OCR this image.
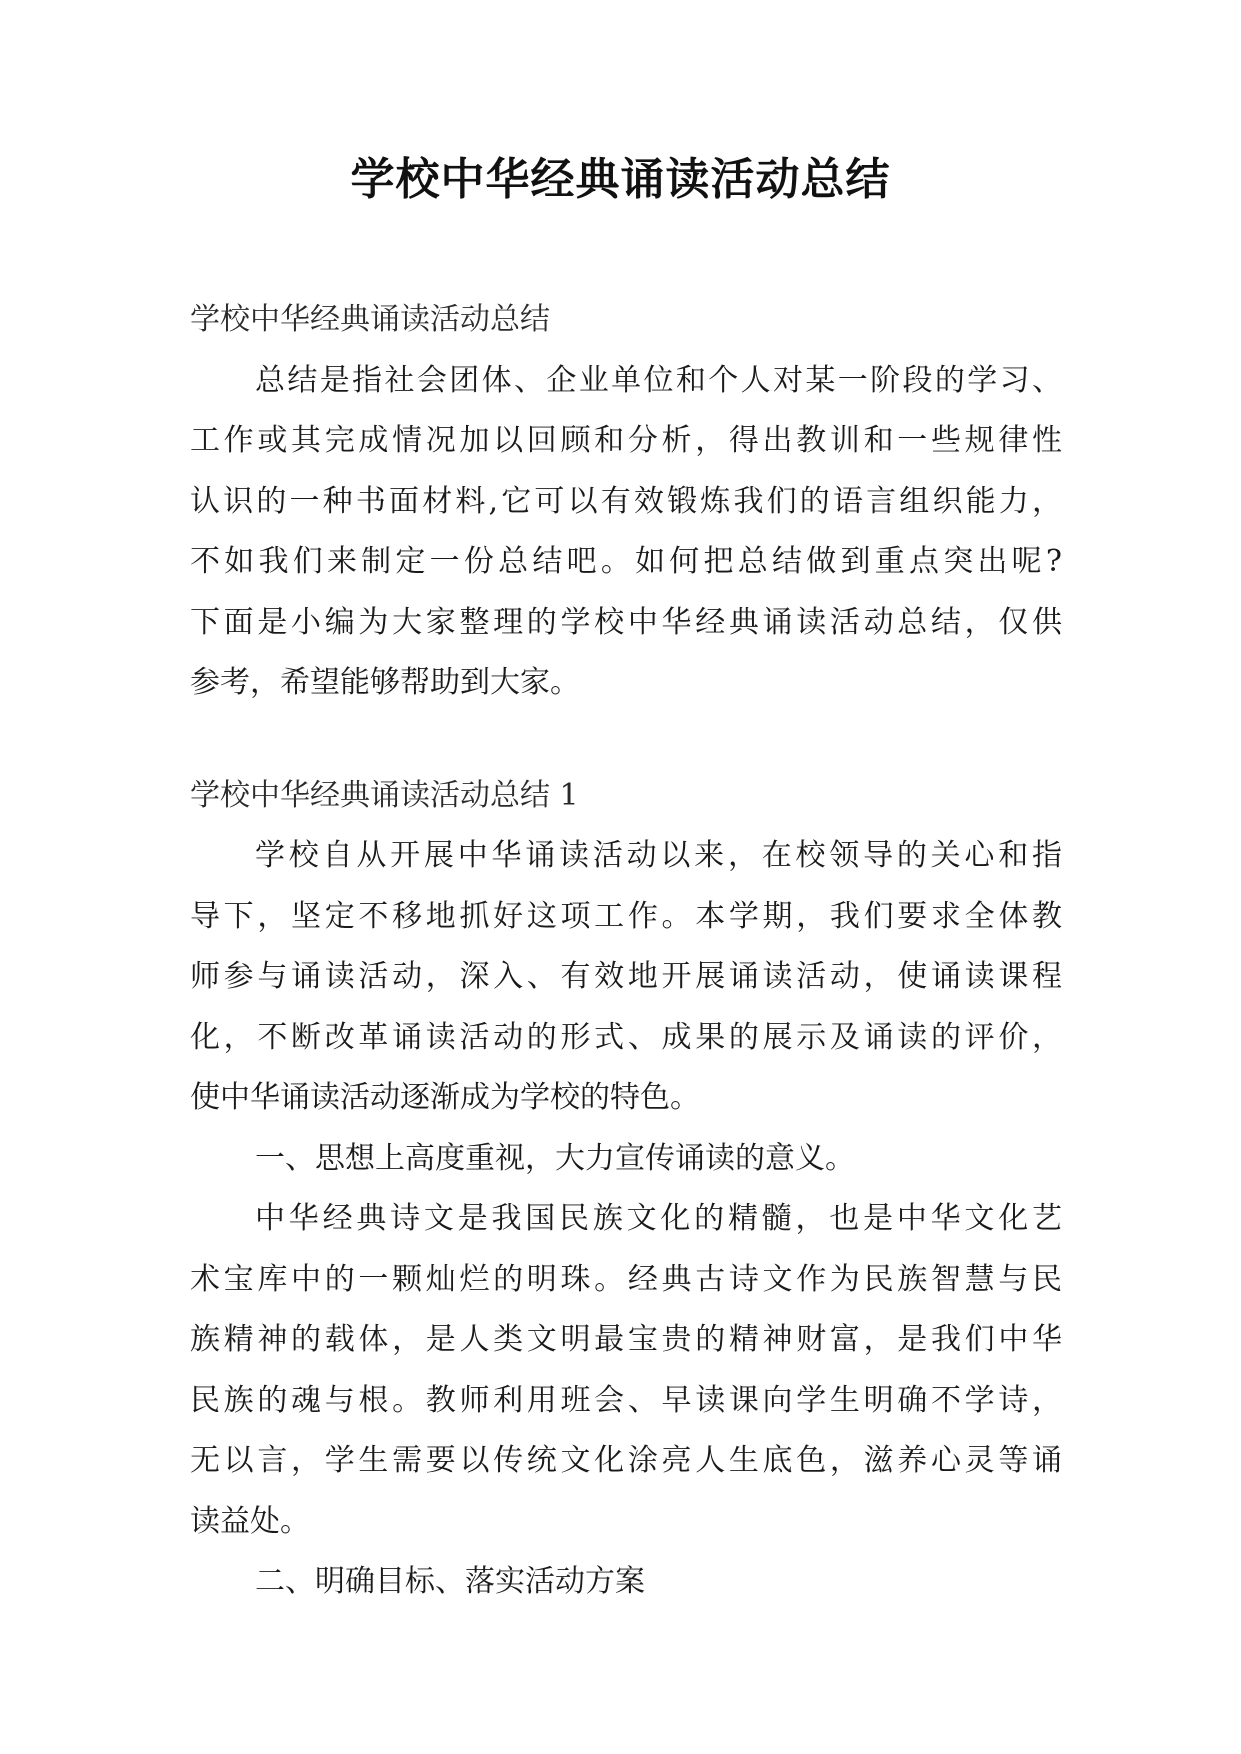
学校中华经典诵读活动总结
学校中华经典诵读活动总结
总结是指社会团体、企业单位和个人对某一阶段的学习、
工作或其完成情况加以回顾和分析，得出教训和一些规律性
认识的一种书面材料,它可以有效锻炼我们的语言组织能力，
不如我们来制定一份总结吧。如何把总结做到重点突出呢?
下面是小编为大家整理的学校中华经典诵读活动总结，仅供
参考，希望能够帮助到大家。
学校中华经典诵读活动总结 1
学校自从开展中华诵读活动以来，在校领导的关心和指
导下，坚定不移地抓好这项工作。本学期，我们要求全体教
师参与诵读活动，深入、有效地开展诵读活动，使诵读课程
化，不断改革诵读活动的形式、成果的展示及诵读的评价，
使中华诵读活动逐渐成为学校的特色。
一、思想上高度重视，大力宣传诵读的意义。
中华经典诗文是我国民族文化的精髓，也是中华文化艺
术宝库中的一颗灿烂的明珠。经典古诗文作为民族智慧与民
族精神的载体，是人类文明最宝贵的精神财富，是我们中华
民族的魂与根。教师利用班会、早读课向学生明确不学诗，
无以言，学生需要以传统文化涂亮人生底色，滋养心灵等诵
读益处。
二、明确目标、落实活动方案
